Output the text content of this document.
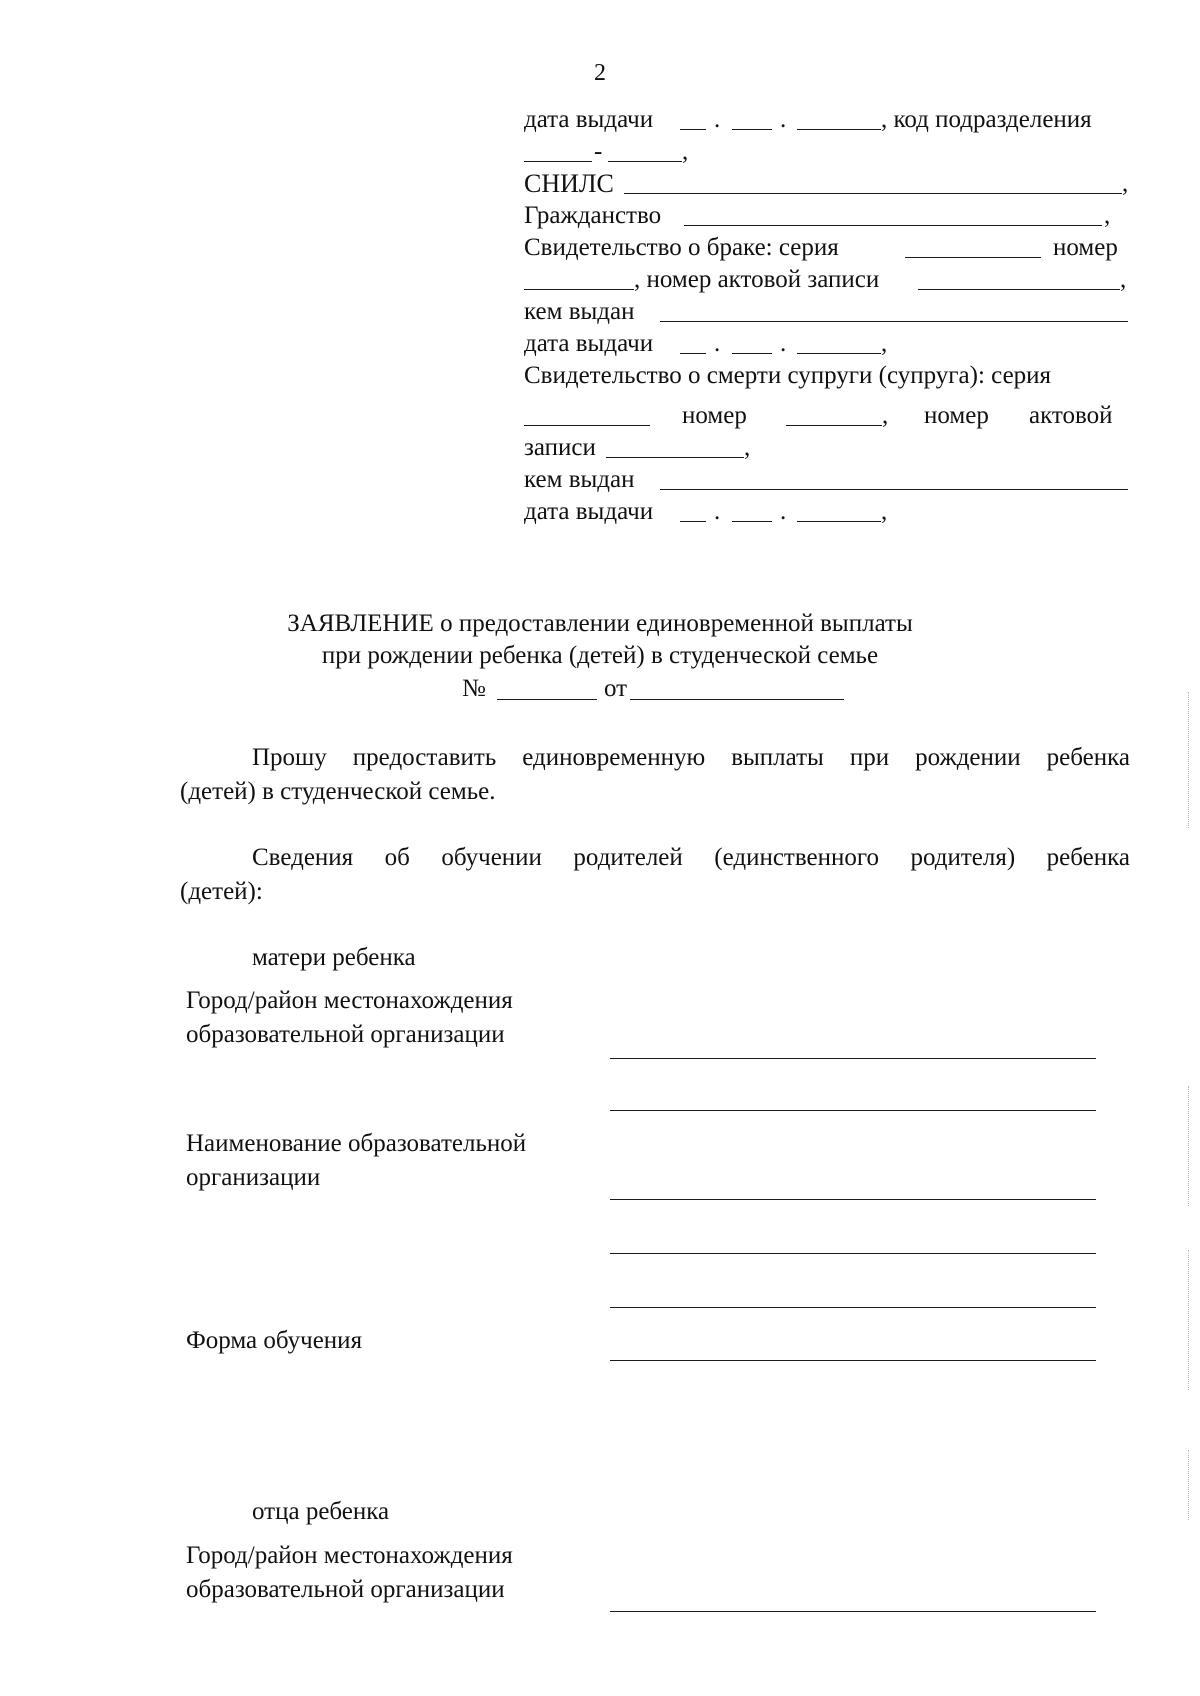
2
дата выдачи . .	, код подразделения
-	,
СНИЛС	,
Гражданство	,
Свидетельство о браке: серия	номер
, номер актовой записи	,
кем выдан
дата выдачи . .	,
Свидетельство о смерти супруги (супруга): серия
номер	, номер актовой
записи	,
кем выдан
дата выдачи . .	,
ЗАЯВЛЕНИЕ о предоставлении единовременной выплаты
при рождении ребенка (детей) в студенческой семье
№	от
Прошу предоставить единовременную выплаты при рождении ребенка
(детей) в студенческой семье.
Сведения об обучении родителей (единственного родителя) ребенка
(детей):
матери ребенка
Город/район местонахождения
образовательной организации
Наименование образовательной
организации
Форма обучения
отца ребенка
Город/район местонахождения
образовательной организации
